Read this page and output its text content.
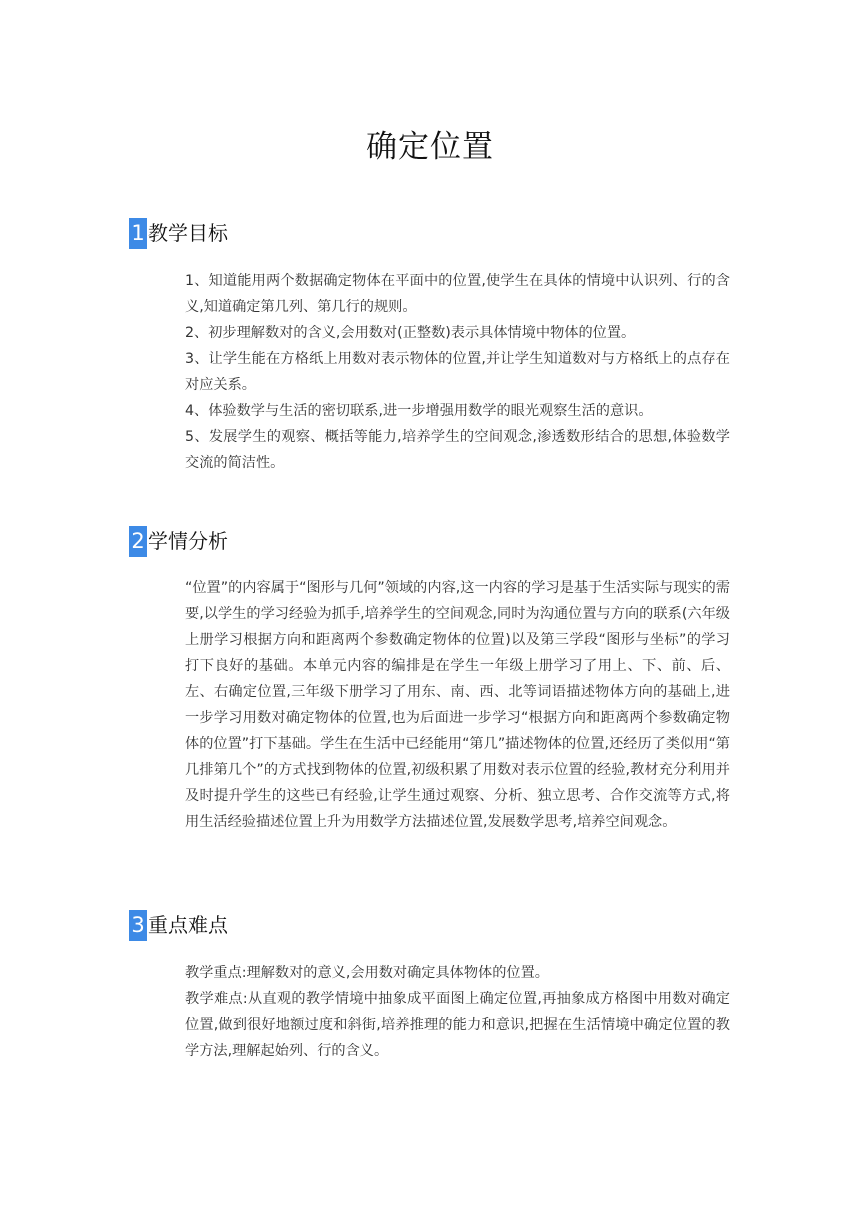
确定位置
1 教学目标

1、知道能用两个数据确定物体在平面中的位置,使学生在具体的情境中认识列、行的含义,知道确定第几列、第几行的规则。

2、初步理解数对的含义,会用数对(正整数)表示具体情境中物体的位置。

3、让学生能在方格纸上用数对表示物体的位置,并让学生知道数对与方格纸上的点存在对应关系。

4、体验数学与生活的密切联系,进一步增强用数学的眼光观察生活的意识。

5、发展学生的观察、概括等能力,培养学生的空间观念,渗透数形结合的思想,体验数学交流的简洁性。

2 学情分析

“位置”的内容属于“图形与几何”领域的内容,这一内容的学习是基于生活实际与现实的需要,以学生的学习经验为抓手,培养学生的空间观念,同时为沟通位置与方向的联系(六年级上册学习根据方向和距离两个参数确定物体的位置)以及第三学段“图形与坐标”的学习打下良好的基础。本单元内容的编排是在学生一年级上册学习了用上、下、前、后、左、右确定位置,三年级下册学习了用东、南、西、北等词语描述物体方向的基础上,进一步学习用数对确定物体的位置,也为后面进一步学习“根据方向和距离两个参数确定物体的位置”打下基础。学生在生活中已经能用“第几”描述物体的位置,还经历了类似用“第几排第几个”的方式找到物体的位置,初级积累了用数对表示位置的经验,教材充分利用并及时提升学生的这些已有经验,让学生通过观察、分析、独立思考、合作交流等方式,将用生活经验描述位置上升为用数学方法描述位置,发展数学思考,培养空间观念。

3 重点难点

教学重点:理解数对的意义,会用数对确定具体物体的位置。

教学难点:从直观的教学情境中抽象成平面图上确定位置,再抽象成方格图中用数对确定位置,做到很好地额过度和斜街,培养推理的能力和意识,把握在生活情境中确定位置的教学方法,理解起始列、行的含义。
